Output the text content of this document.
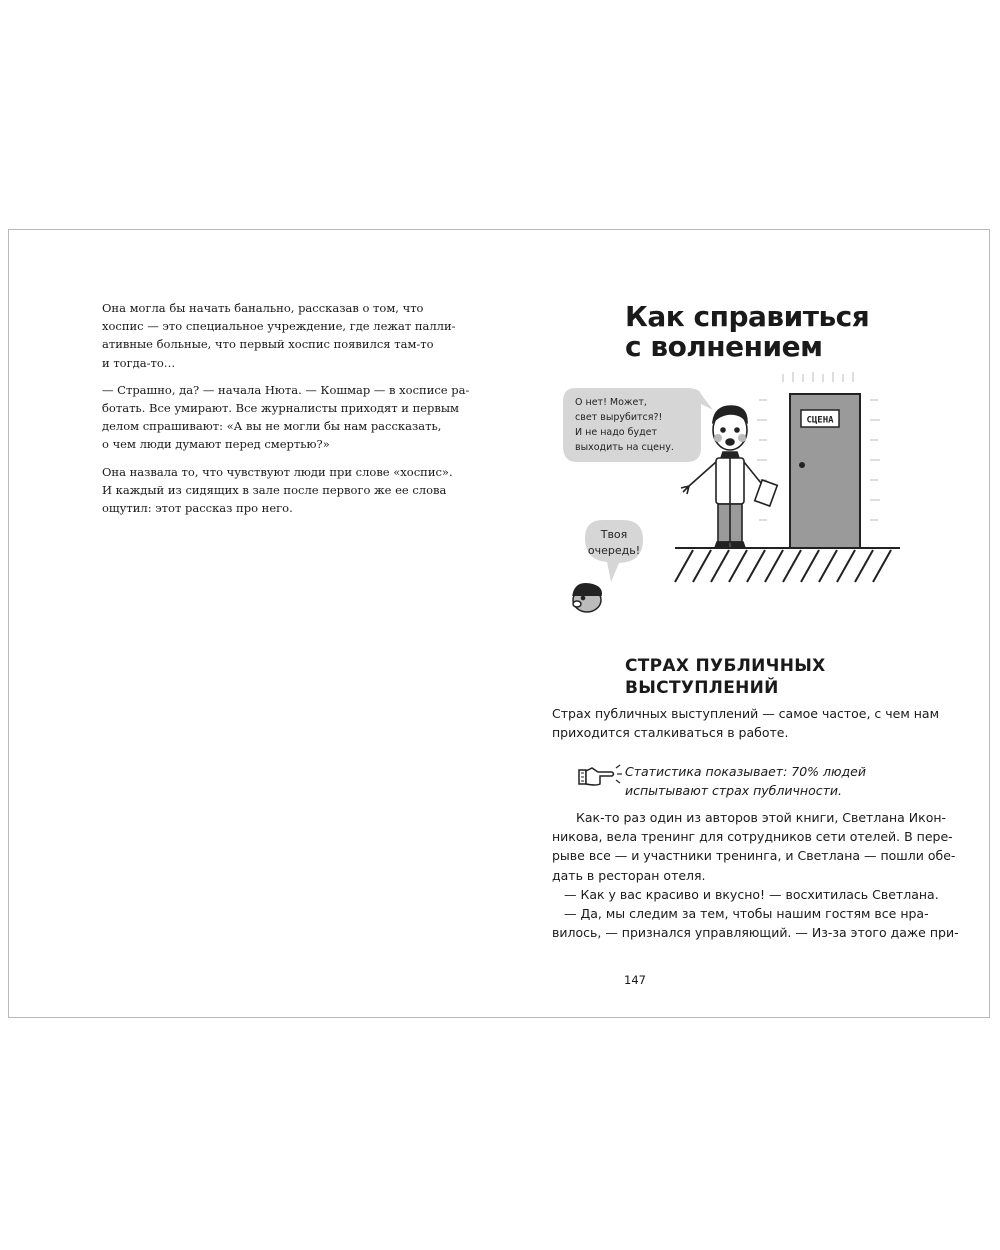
Она могла бы начать банально, рассказав о том, что
хоспис — это специальное учреждение, где лежат палли-
ативные больные, что первый хоспис появился там-то
и тогда-то…

— Страшно, да? — начала Нюта. — Кошмар — в хосписе ра-
ботать. Все умирают. Все журналисты приходят и первым
делом спрашивают: «А вы не могли бы нам рассказать,
о чем люди думают перед смертью?»

Она назвала то, что чувствуют люди при слове «хоспис».
И каждый из сидящих в зале после первого же ее слова
ощутил: этот рассказ про него.

Как справиться
с волнением
СЦЕНА
О нет! Может,
свет вырубится?!
И не надо будет
выходить на сцену.
Твоя
очередь!
СТРАХ ПУБЛИЧНЫХ
ВЫСТУПЛЕНИЙ
Страх публичных выступлений — самое частое, с чем нам
приходится сталкиваться в работе.
Статистика показывает: 70% людей
испытывают страх публичности.
Как-то раз один из авторов этой книги, Светлана Икон-
никова, вела тренинг для сотрудников сети отелей. В пере-
рыве все — и участники тренинга, и Светлана — пошли обе-
дать в ресторан отеля.
— Как у вас красиво и вкусно! — восхитилась Светлана.
— Да, мы следим за тем, чтобы нашим гостям все нра-
вилось, — признался управляющий. — Из-за этого даже при-
147
